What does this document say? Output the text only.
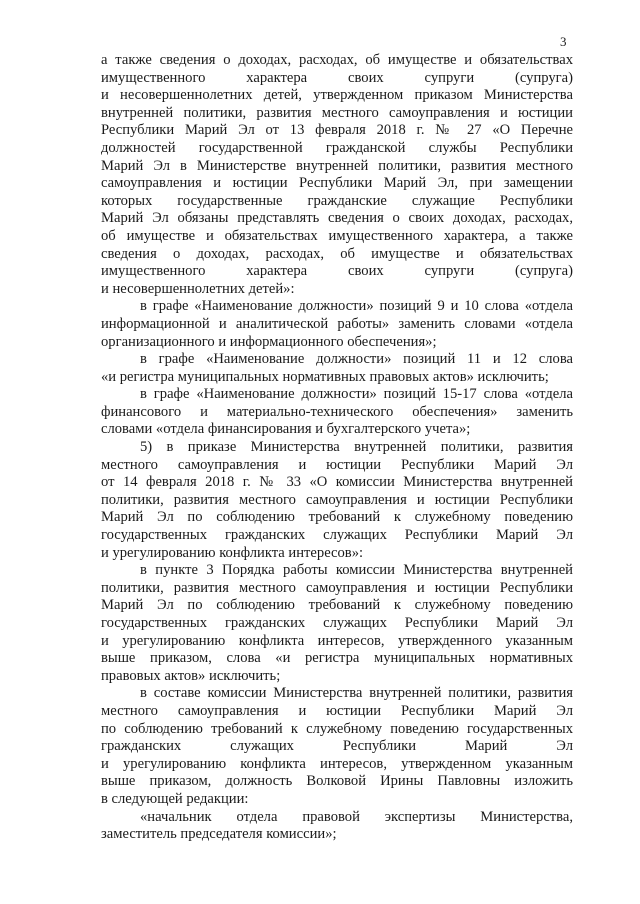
3
а также сведения о доходах, расходах, об имуществе и обязательствах
имущественного характера своих супруги (супруга)
и несовершеннолетних детей, утвержденном приказом Министерства
внутренней политики, развития местного самоуправления и юстиции
Республики Марий Эл от 13 февраля 2018 г. № 27 «О Перечне
должностей государственной гражданской службы Республики
Марий Эл в Министерстве внутренней политики, развития местного
самоуправления и юстиции Республики Марий Эл, при замещении
которых государственные гражданские служащие Республики
Марий Эл обязаны представлять сведения о своих доходах, расходах,
об имуществе и обязательствах имущественного характера, а также
сведения о доходах, расходах, об имуществе и обязательствах
имущественного характера своих супруги (супруга)
и несовершеннолетних детей»:
в графе «Наименование должности» позиций 9 и 10 слова «отдела
информационной и аналитической работы» заменить словами «отдела
организационного и информационного обеспечения»;
в графе «Наименование должности» позиций 11 и 12 слова
«и регистра муниципальных нормативных правовых актов» исключить;
в графе «Наименование должности» позиций 15-17 слова «отдела
финансового и материально-технического обеспечения» заменить
словами «отдела финансирования и бухгалтерского учета»;
5) в приказе Министерства внутренней политики, развития
местного самоуправления и юстиции Республики Марий Эл
от 14 февраля 2018 г. № 33 «О комиссии Министерства внутренней
политики, развития местного самоуправления и юстиции Республики
Марий Эл по соблюдению требований к служебному поведению
государственных гражданских служащих Республики Марий Эл
и урегулированию конфликта интересов»:
в пункте 3 Порядка работы комиссии Министерства внутренней
политики, развития местного самоуправления и юстиции Республики
Марий Эл по соблюдению требований к служебному поведению
государственных гражданских служащих Республики Марий Эл
и урегулированию конфликта интересов, утвержденного указанным
выше приказом, слова «и регистра муниципальных нормативных
правовых актов» исключить;
в составе комиссии Министерства внутренней политики, развития
местного самоуправления и юстиции Республики Марий Эл
по соблюдению требований к служебному поведению государственных
гражданских служащих Республики Марий Эл
и урегулированию конфликта интересов, утвержденном указанным
выше приказом, должность Волковой Ирины Павловны изложить
в следующей редакции:
«начальник отдела правовой экспертизы Министерства,
заместитель председателя комиссии»;
